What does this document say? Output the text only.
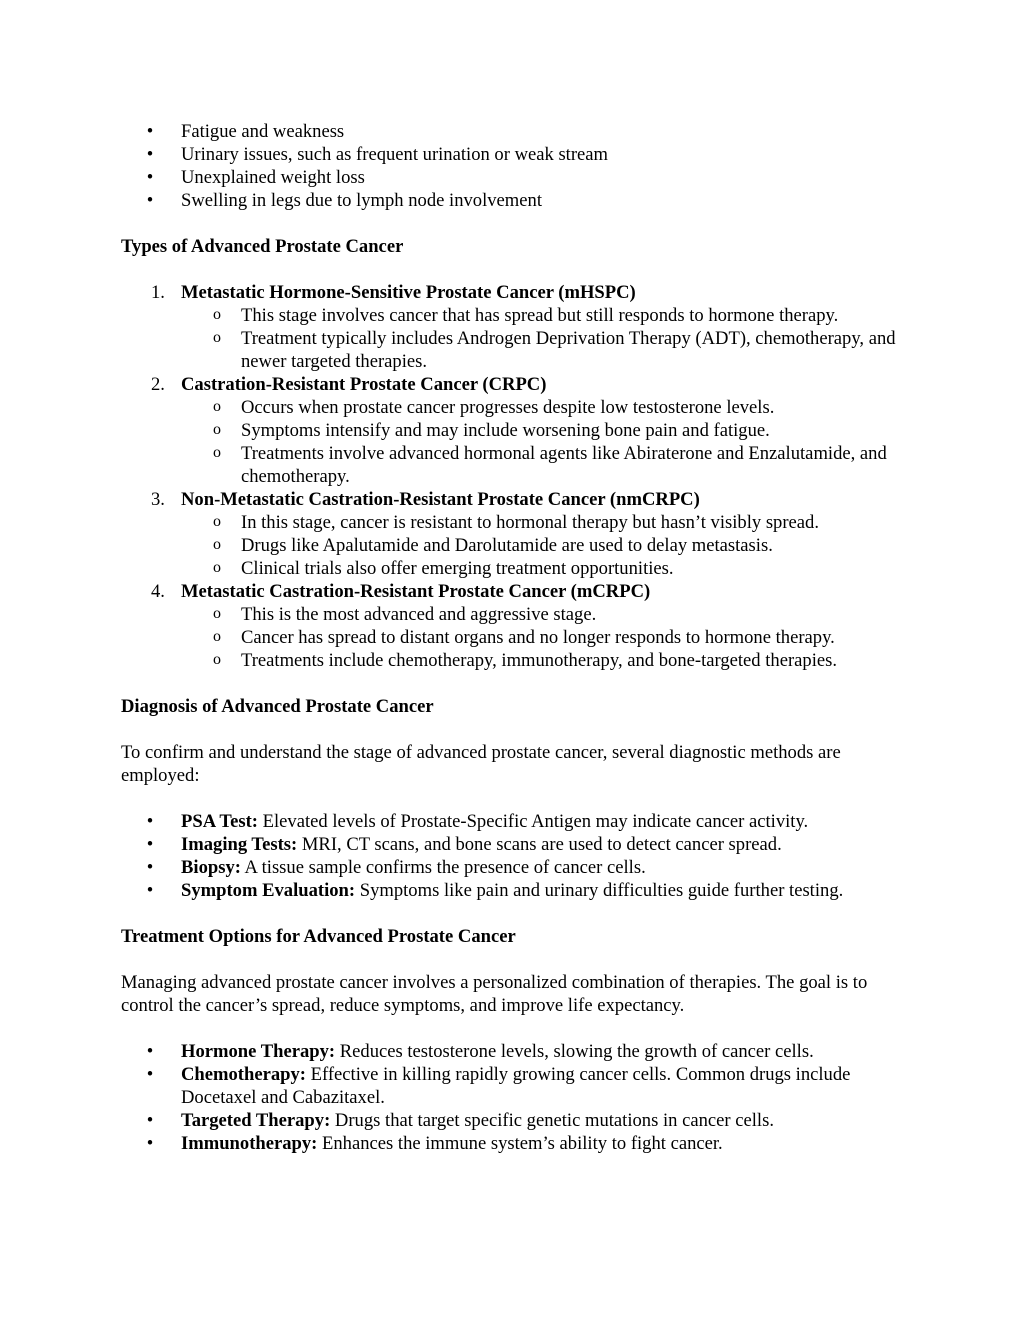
• Fatigue and weakness
• Urinary issues, such as frequent urination or weak stream
• Unexplained weight loss
• Swelling in legs due to lymph node involvement

Types of Advanced Prostate Cancer

1. Metastatic Hormone-Sensitive Prostate Cancer (mHSPC)
o This stage involves cancer that has spread but still responds to hormone therapy.
o Treatment typically includes Androgen Deprivation Therapy (ADT), chemotherapy, and newer targeted therapies.
2. Castration-Resistant Prostate Cancer (CRPC)
o Occurs when prostate cancer progresses despite low testosterone levels.
o Symptoms intensify and may include worsening bone pain and fatigue.
o Treatments involve advanced hormonal agents like Abiraterone and Enzalutamide, and chemotherapy.
3. Non-Metastatic Castration-Resistant Prostate Cancer (nmCRPC)
o In this stage, cancer is resistant to hormonal therapy but hasn’t visibly spread.
o Drugs like Apalutamide and Darolutamide are used to delay metastasis.
o Clinical trials also offer emerging treatment opportunities.
4. Metastatic Castration-Resistant Prostate Cancer (mCRPC)
o This is the most advanced and aggressive stage.
o Cancer has spread to distant organs and no longer responds to hormone therapy.
o Treatments include chemotherapy, immunotherapy, and bone-targeted therapies.

Diagnosis of Advanced Prostate Cancer

To confirm and understand the stage of advanced prostate cancer, several diagnostic methods are employed:

• PSA Test: Elevated levels of Prostate-Specific Antigen may indicate cancer activity.
• Imaging Tests: MRI, CT scans, and bone scans are used to detect cancer spread.
• Biopsy: A tissue sample confirms the presence of cancer cells.
• Symptom Evaluation: Symptoms like pain and urinary difficulties guide further testing.

Treatment Options for Advanced Prostate Cancer

Managing advanced prostate cancer involves a personalized combination of therapies. The goal is to control the cancer’s spread, reduce symptoms, and improve life expectancy.

• Hormone Therapy: Reduces testosterone levels, slowing the growth of cancer cells.
• Chemotherapy: Effective in killing rapidly growing cancer cells. Common drugs include Docetaxel and Cabazitaxel.
• Targeted Therapy: Drugs that target specific genetic mutations in cancer cells.
• Immunotherapy: Enhances the immune system’s ability to fight cancer.
